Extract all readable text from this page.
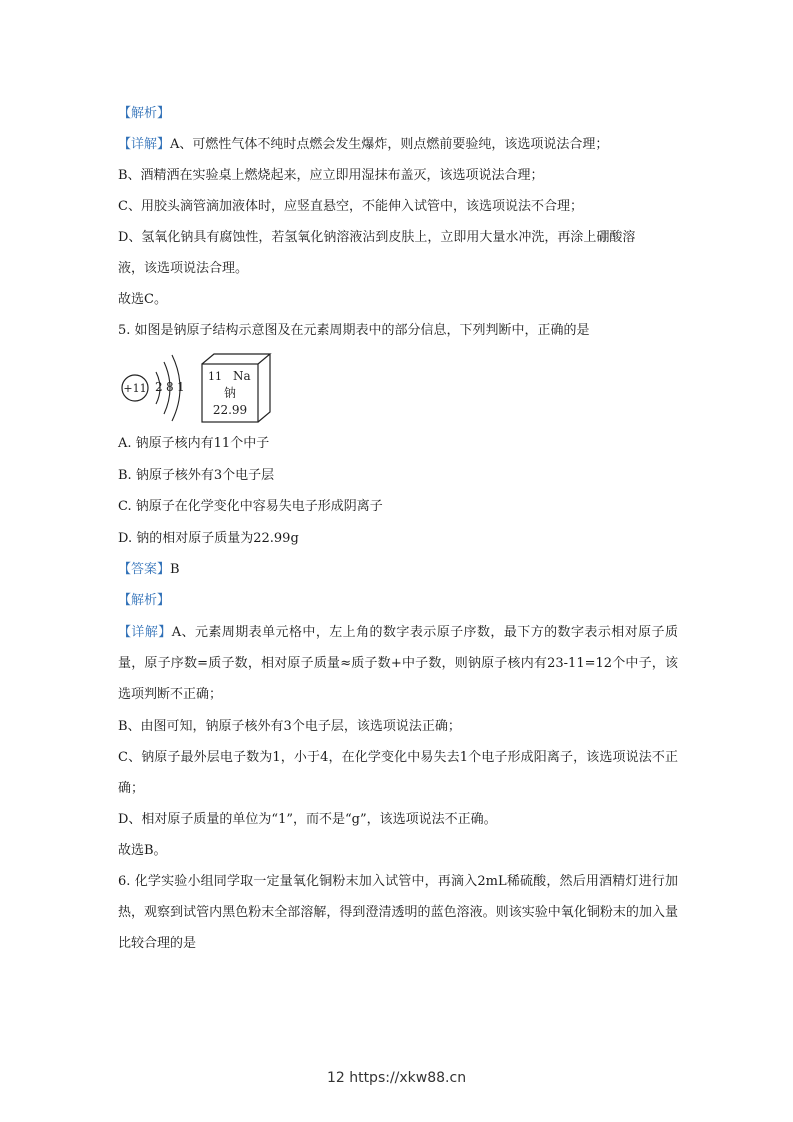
【解析】
【详解】A、可燃性气体不纯时点燃会发生爆炸，则点燃前要验纯，该选项说法合理；
B、酒精洒在实验桌上燃烧起来，应立即用湿抹布盖灭，该选项说法合理；
C、用胶头滴管滴加液体时，应竖直悬空，不能伸入试管中，该选项说法不合理；
D、氢氧化钠具有腐蚀性，若氢氧化钠溶液沾到皮肤上，立即用大量水冲洗，再涂上硼酸溶
液，该选项说法合理。
故选C。
5. 如图是钠原子结构示意图及在元素周期表中的部分信息，下列判断中，正确的是
+11 2 8 1
11 Na
钠
22.99
A. 钠原子核内有11个中子
B. 钠原子核外有3个电子层
C. 钠原子在化学变化中容易失电子形成阴离子
D. 钠的相对原子质量为22.99g
【答案】B
【解析】
【详解】A、元素周期表单元格中，左上角的数字表示原子序数，最下方的数字表示相对原子质量，原子序数=质子数，相对原子质量≈质子数+中子数，则钠原子核内有23-11=12个中子，该选项判断不正确；
B、由图可知，钠原子核外有3个电子层，该选项说法正确；
C、钠原子最外层电子数为1，小于4，在化学变化中易失去1个电子形成阳离子，该选项说法不正确；
D、相对原子质量的单位为“1”，而不是“g”，该选项说法不正确。
故选B。
6. 化学实验小组同学取一定量氧化铜粉末加入试管中，再滴入2mL稀硫酸，然后用酒精灯进行加热，观察到试管内黑色粉末全部溶解，得到澄清透明的蓝色溶液。则该实验中氧化铜粉末的加入量比较合理的是
12 https://xkw88.cn
